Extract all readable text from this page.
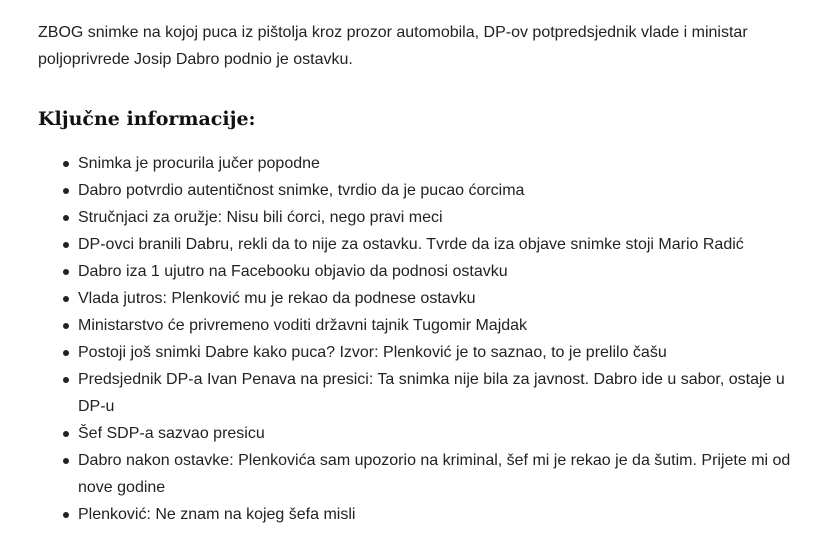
ZBOG snimke na kojoj puca iz pištolja kroz prozor automobila, DP-ov potpredsjednik vlade i ministar poljoprivrede Josip Dabro podnio je ostavku.

Ključne informacije:
Snimka je procurila jučer popodne
Dabro potvrdio autentičnost snimke, tvrdio da je pucao ćorcima
Stručnjaci za oružje: Nisu bili ćorci, nego pravi meci
DP-ovci branili Dabru, rekli da to nije za ostavku. Tvrde da iza objave snimke stoji Mario Radić
Dabro iza 1 ujutro na Facebooku objavio da podnosi ostavku
Vlada jutros: Plenković mu je rekao da podnese ostavku
Ministarstvo će privremeno voditi državni tajnik Tugomir Majdak
Postoji još snimki Dabre kako puca? Izvor: Plenković je to saznao, to je prelilo čašu
Predsjednik DP-a Ivan Penava na presici: Ta snimka nije bila za javnost. Dabro ide u sabor, ostaje u DP-u
Šef SDP-a sazvao presicu
Dabro nakon ostavke: Plenkovića sam upozorio na kriminal, šef mi je rekao je da šutim. Prijete mi od nove godine
Plenković: Ne znam na kojeg šefa misli
